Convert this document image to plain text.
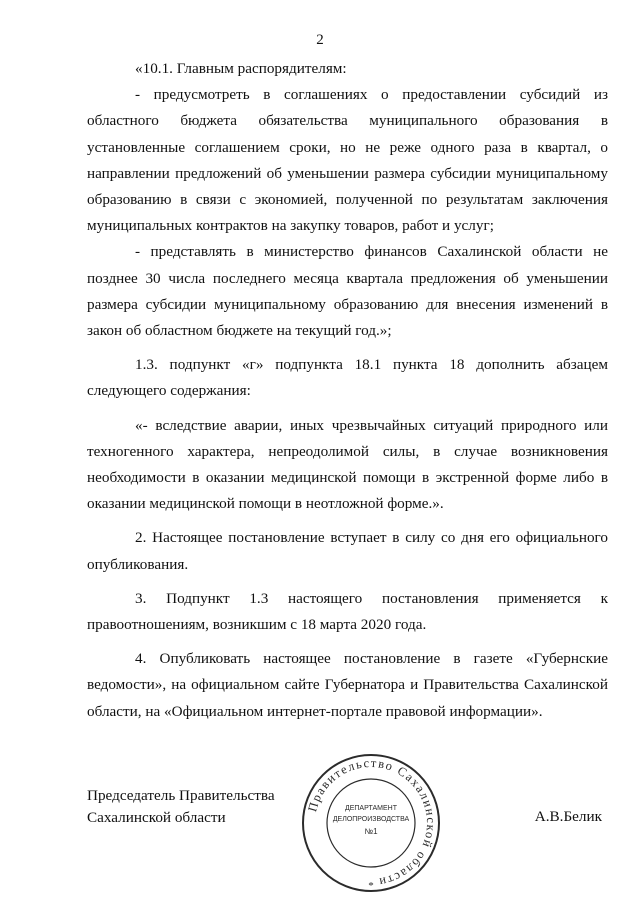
2

«10.1. Главным распорядителям:

- предусмотреть в соглашениях о предоставлении субсидий из областного бюджета обязательства муниципального образования в установленные соглашением сроки, но не реже одного раза в квартал, о направлении предложений об уменьшении размера субсидии муниципальному образованию в связи с экономией, полученной по результатам заключения муниципальных контрактов на закупку товаров, работ и услуг;

- представлять в министерство финансов Сахалинской области не позднее 30 числа последнего месяца квартала предложения об уменьшении размера субсидии муниципальному образованию для внесения изменений в закон об областном бюджете на текущий год.»;

1.3. подпункт «г» подпункта 18.1 пункта 18 дополнить абзацем следующего содержания:

«- вследствие аварии, иных чрезвычайных ситуаций природного или техногенного характера, непреодолимой силы, в случае возникновения необходимости в оказании медицинской помощи в экстренной форме либо в оказании медицинской помощи в неотложной форме.».

2. Настоящее постановление вступает в силу со дня его официального опубликования.

3. Подпункт 1.3 настоящего постановления применяется к правоотношениям, возникшим с 18 марта 2020 года.

4. Опубликовать настоящее постановление в газете «Губернские ведомости», на официальном сайте Губернатора и Правительства Сахалинской области, на «Официальном интернет-портале правовой информации».

Председатель Правительства
Сахалинской области	А.В.Белик
Правительство Сахалинской области
ДЕПАРТАМЕНТ
ДЕЛОПРОИЗВОДСТВА
№1
*
